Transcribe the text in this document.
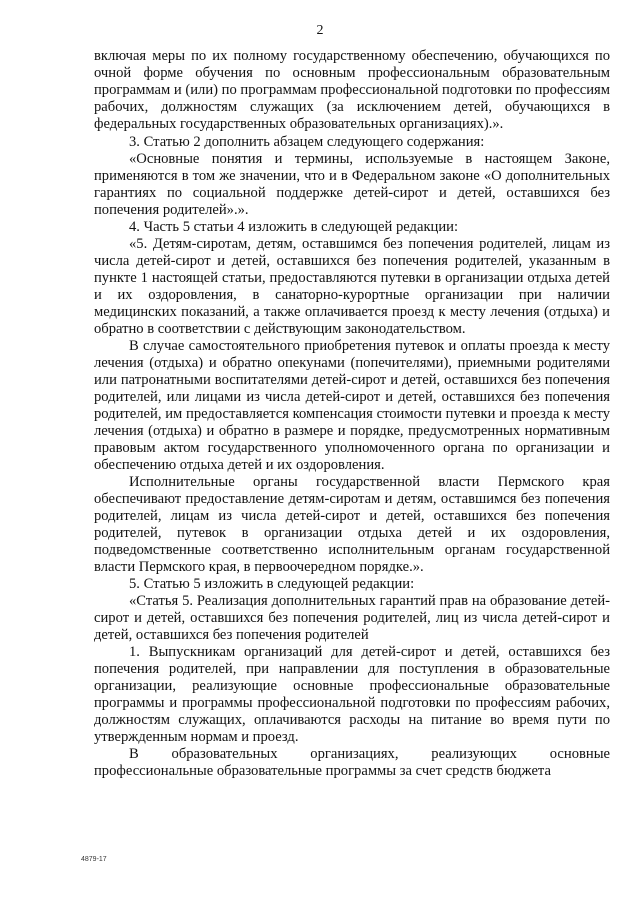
2

включая меры по их полному государственному обеспечению, обучающихся по очной форме обучения по основным профессиональным образовательным программам и (или) по программам профессиональной подготовки по профессиям рабочих, должностям служащих (за исключением детей, обучающихся в федеральных государственных образовательных организациях).».

3. Статью 2 дополнить абзацем следующего содержания:

«Основные понятия и термины, используемые в настоящем Законе, применяются в том же значении, что и в Федеральном законе «О дополнительных гарантиях по социальной поддержке детей-сирот и детей, оставшихся без попечения родителей».».

4. Часть 5 статьи 4 изложить в следующей редакции:

«5. Детям-сиротам, детям, оставшимся без попечения родителей, лицам из числа детей-сирот и детей, оставшихся без попечения родителей, указанным в пункте 1 настоящей статьи, предоставляются путевки в организации отдыха детей и их оздоровления, в санаторно-курортные организации при наличии медицинских показаний, а также оплачивается проезд к месту лечения (отдыха) и обратно в соответствии с действующим законодательством.

В случае самостоятельного приобретения путевок и оплаты проезда к месту лечения (отдыха) и обратно опекунами (попечителями), приемными родителями или патронатными воспитателями детей-сирот и детей, оставшихся без попечения родителей, или лицами из числа детей-сирот и детей, оставшихся без попечения родителей, им предоставляется компенсация стоимости путевки и проезда к месту лечения (отдыха) и обратно в размере и порядке, предусмотренных нормативным правовым актом государственного уполномоченного органа по организации и обеспечению отдыха детей и их оздоровления.

Исполнительные органы государственной власти Пермского края обеспечивают предоставление детям-сиротам и детям, оставшимся без попечения родителей, лицам из числа детей-сирот и детей, оставшихся без попечения родителей, путевок в организации отдыха детей и их оздоровления, подведомственные соответственно исполнительным органам государственной власти Пермского края, в первоочередном порядке.».

5. Статью 5 изложить в следующей редакции:

«Статья 5. Реализация дополнительных гарантий прав на образование детей-сирот и детей, оставшихся без попечения родителей, лиц из числа детей-сирот и детей, оставшихся без попечения родителей

1. Выпускникам организаций для детей-сирот и детей, оставшихся без попечения родителей, при направлении для поступления в образовательные организации, реализующие основные профессиональные образовательные программы и программы профессиональной подготовки по профессиям рабочих, должностям служащих, оплачиваются расходы на питание во время пути по утвержденным нормам и проезд.

В образовательных организациях, реализующих основные профессиональные образовательные программы за счет средств бюджета

4879-17
